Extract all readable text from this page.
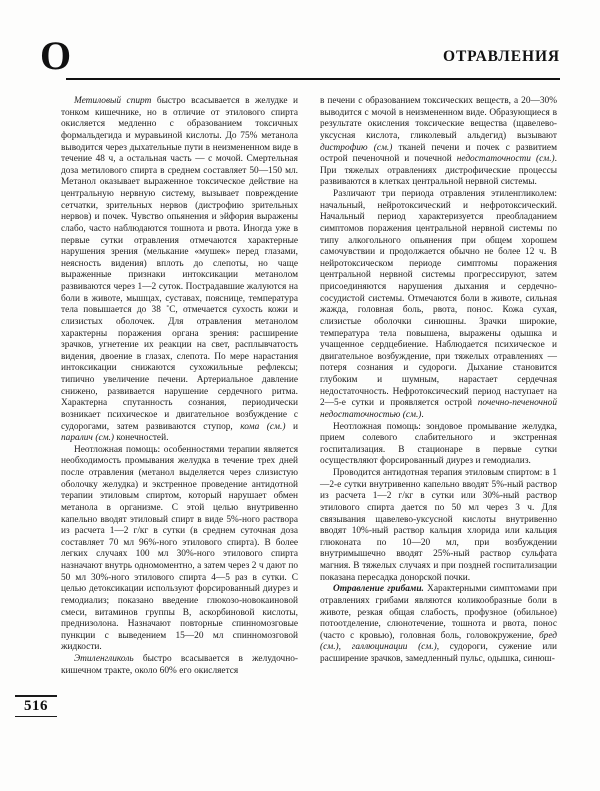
О	ОТРАВЛЕНИЯ

Метиловый спирт быстро всасывается в желудке и тонком кишечнике, но в отличие от этилового спирта окисляется медленно с образованием токсичных формальдегида и муравьиной кислоты. До 75% метанола выводится через дыхательные пути в неизмененном виде в течение 48 ч, а остальная часть — с мочой. Смертельная доза метилового спирта в среднем составляет 50—150 мл. Метанол оказывает выраженное токсическое действие на центральную нервную систему, вызывает повреждение сетчатки, зрительных нервов (дистрофию зрительных нервов) и почек. Чувство опьянения и эйфория выражены слабо, часто наблюдаются тошнота и рвота. Иногда уже в первые сутки отравления отмечаются характерные нарушения зрения (мелькание «мушек» перед глазами, неясность видения) вплоть до слепоты, но чаще выраженные признаки интоксикации метанолом развиваются через 1—2 суток. Пострадавшие жалуются на боли в животе, мышцах, суставах, пояснице, температура тела повышается до 38 ˚C, отмечается сухость кожи и слизистых оболочек. Для отравления метанолом характерны поражения органа зрения: расширение зрачков, угнетение их реакции на свет, расплывчатость видения, двоение в глазах, слепота. По мере нарастания интоксикации снижаются сухожильные рефлексы; типично увеличение печени. Артериальное давление снижено, развивается нарушение сердечного ритма. Характерна спутанность сознания, периодически возникает психическое и двигательное возбуждение с судорогами, затем развиваются ступор, кома (см.) и паралич (см.) конечностей.

Неотложная помощь: особенностями терапии является необходимость промывания желудка в течение трех дней после отравления (метанол выделяется через слизистую оболочку желудка) и экстренное проведение антидотной терапии этиловым спиртом, который нарушает обмен метанола в организме. С этой целью внутривенно капельно вводят этиловый спирт в виде 5%-ного раствора из расчета 1—2 г/кг в сутки (в среднем суточная доза составляет 70 мл 96%-ного этилового спирта). В более легких случаях 100 мл 30%-ного этилового спирта назначают внутрь одномоментно, а затем через 2 ч дают по 50 мл 30%-ного этилового спирта 4—5 раз в сутки. С целью детоксикации используют форсированный диурез и гемодиализ; показано введение глюкозо-новокаиновой смеси, витаминов группы В, аскорбиновой кислоты, преднизолона. Назначают повторные спинномозговые пункции с выведением 15—20 мл спинномозговой жидкости.

Этиленгликоль быстро всасывается в желудочно-кишечном тракте, около 60% его окисляется

в печени с образованием токсических веществ, а 20—30% выводится с мочой в неизмененном виде. Образующиеся в результате окисления токсические вещества (щавелево-уксусная кислота, гликолевый альдегид) вызывают дистрофию (см.) тканей печени и почек с развитием острой печеночной и почечной недостаточности (см.). При тяжелых отравлениях дистрофические процессы развиваются в клетках центральной нервной системы.

Различают три периода отравления этиленгликолем: начальный, нейротоксический и нефротоксический. Начальный период характеризуется преобладанием симптомов поражения центральной нервной системы по типу алкогольного опьянения при общем хорошем самочувствии и продолжается обычно не более 12 ч. В нейротоксическом периоде симптомы поражения центральной нервной системы прогрессируют, затем присоединяются нарушения дыхания и сердечно-сосудистой системы. Отмечаются боли в животе, сильная жажда, головная боль, рвота, понос. Кожа сухая, слизистые оболочки синюшны. Зрачки широкие, температура тела повышена, выражены одышка и учащенное сердцебиение. Наблюдается психическое и двигательное возбуждение, при тяжелых отравлениях — потеря сознания и судороги. Дыхание становится глубоким и шумным, нарастает сердечная недостаточность. Нефротоксический период наступает на 2—5-е сутки и проявляется острой почечно-печеночной недостаточностью (см.).

Неотложная помощь: зондовое промывание желудка, прием солевого слабительного и экстренная госпитализация. В стационаре в первые сутки осуществляют форсированный диурез и гемодиализ.

Проводится антидотная терапия этиловым спиртом: в 1—2-е сутки внутривенно капельно вводят 5%-ный раствор из расчета 1—2 г/кг в сутки или 30%-ный раствор этилового спирта дается по 50 мл через 3 ч. Для связывания щавелево-уксусной кислоты внутривенно вводят 10%-ный раствор кальция хлорида или кальция глюконата по 10—20 мл, при возбуждении внутримышечно вводят 25%-ный раствор сульфата магния. В тяжелых случаях и при поздней госпитализации показана пересадка донорской почки.

Отравление грибами. Характерными симптомами при отравлениях грибами являются коликообразные боли в животе, резкая общая слабость, профузное (обильное) потоотделение, слюнотечение, тошнота и рвота, понос (часто с кровью), головная боль, головокружение, бред (см.), галлюцинации (см.), судороги, сужение или расширение зрачков, замедленный пульс, одышка, синюш-

516
